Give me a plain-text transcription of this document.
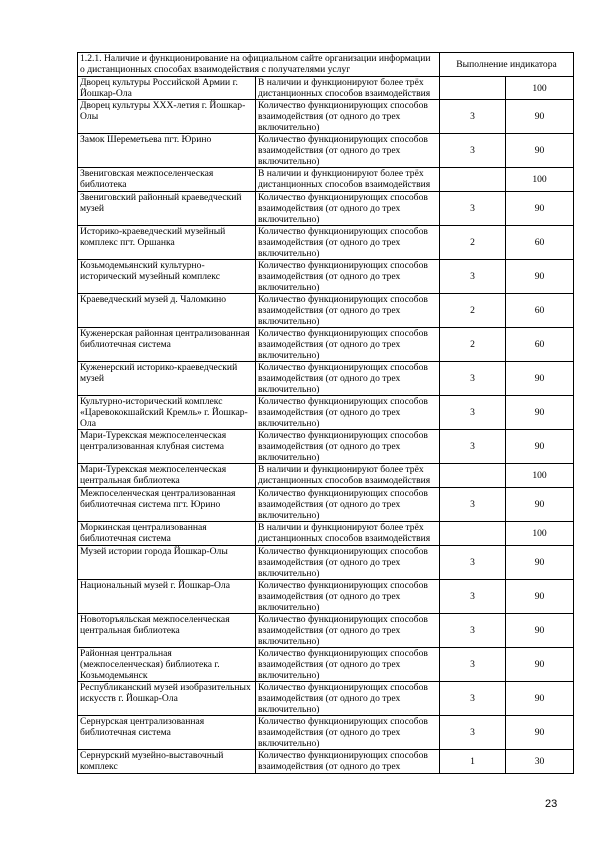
1.2.1. Наличие и функционирование на официальном сайте организации информации о дистанционных способах взаимодействия с получателями услуг		Выполнение индикатора	
Дворец культуры Российской Армии г. Йошкар-Ола	В наличии и функционируют более трёх дистанционных способов взаимодействия		100
Дворец культуры XXX-летия г. Йошкар-Олы	Количество функционирующих способов взаимодействия (от одного до трех включительно)	3	90
Замок Шереметьева пгт. Юрино	Количество функционирующих способов взаимодействия (от одного до трех включительно)	3	90
Звениговская межпоселенческая библиотека	В наличии и функционируют более трёх дистанционных способов взаимодействия		100
Звениговский районный краеведческий музей	Количество функционирующих способов взаимодействия (от одного до трех включительно)	3	90
Историко-краеведческий музейный комплекс пгт. Оршанка	Количество функционирующих способов взаимодействия (от одного до трех включительно)	2	60
Козьмодемьянский культурно-исторический музейный комплекс	Количество функционирующих способов взаимодействия (от одного до трех включительно)	3	90
Краеведческий музей д. Чаломкино	Количество функционирующих способов взаимодействия (от одного до трех включительно)	2	60
Куженерская районная централизованная библиотечная система	Количество функционирующих способов взаимодействия (от одного до трех включительно)	2	60
Куженерский историко-краеведческий музей	Количество функционирующих способов взаимодействия (от одного до трех включительно)	3	90
Культурно-исторический комплекс «Царевококшайский Кремль» г. Йошкар-Ола	Количество функционирующих способов взаимодействия (от одного до трех включительно)	3	90
Мари-Турекская межпоселенческая централизованная клубная система	Количество функционирующих способов взаимодействия (от одного до трех включительно)	3	90
Мари-Турекская межпоселенческая центральная библиотека	В наличии и функционируют более трёх дистанционных способов взаимодействия		100
Межпоселенческая централизованная библиотечная система пгт. Юрино	Количество функционирующих способов взаимодействия (от одного до трех включительно)	3	90
Моркинская централизованная библиотечная система	В наличии и функционируют более трёх дистанционных способов взаимодействия		100
Музей истории города Йошкар-Олы	Количество функционирующих способов взаимодействия (от одного до трех включительно)	3	90
Национальный музей г. Йошкар-Ола	Количество функционирующих способов взаимодействия (от одного до трех включительно)	3	90
Новоторъяльская межпоселенческая центральная библиотека	Количество функционирующих способов взаимодействия (от одного до трех включительно)	3	90
Районная центральная (межпоселенческая) библиотека г. Козьмодемьянск	Количество функционирующих способов взаимодействия (от одного до трех включительно)	3	90
Республиканский музей изобразительных искусств г. Йошкар-Ола	Количество функционирующих способов взаимодействия (от одного до трех включительно)	3	90
Сернурская централизованная библиотечная система	Количество функционирующих способов взаимодействия (от одного до трех включительно)	3	90
Сернурский музейно-выставочный комплекс	Количество функционирующих способов взаимодействия (от одного до трех	1	30
23
